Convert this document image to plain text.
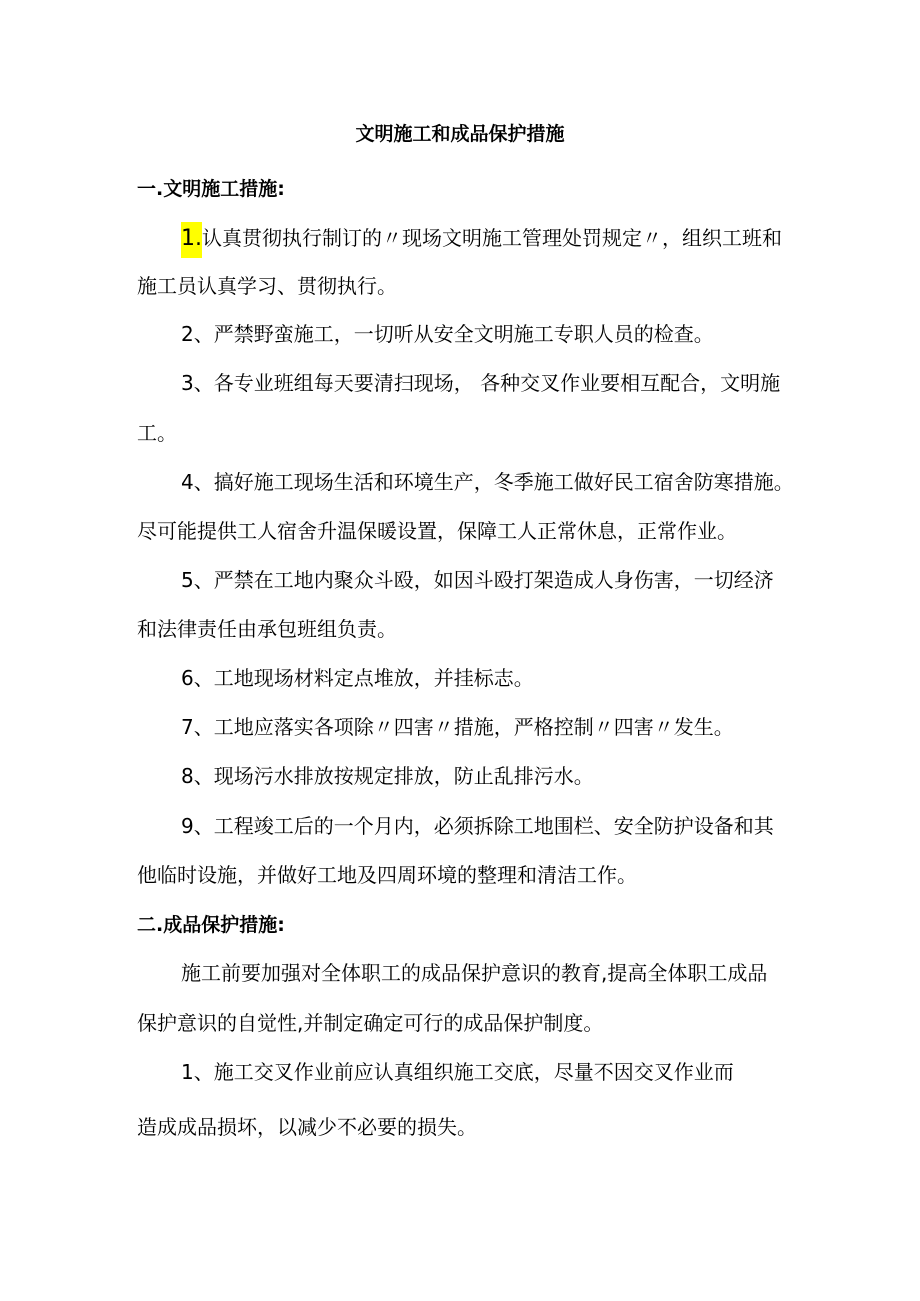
文明施工和成品保护措施
一.文明施工措施:
1.认真贯彻执行制订的〃现场文明施工管理处罚规定〃，组织工班和
施工员认真学习、贯彻执行。
2、严禁野蛮施工，一切听从安全文明施工专职人员的检查。
3、各专业班组每天要清扫现场， 各种交叉作业要相互配合，文明施
工。
4、搞好施工现场生活和环境生产，冬季施工做好民工宿舍防寒措施。
尽可能提供工人宿舍升温保暖设置，保障工人正常休息，正常作业。
5、严禁在工地内聚众斗殴，如因斗殴打架造成人身伤害，一切经济
和法律责任由承包班组负责。
6、工地现场材料定点堆放，并挂标志。
7、工地应落实各项除〃四害〃措施，严格控制〃四害〃发生。
8、现场污水排放按规定排放，防止乱排污水。
9、工程竣工后的一个月内，必须拆除工地围栏、安全防护设备和其
他临时设施，并做好工地及四周环境的整理和清洁工作。
二.成品保护措施:
施工前要加强对全体职工的成品保护意识的教育,提高全体职工成品
保护意识的自觉性,并制定确定可行的成品保护制度。
1、施工交叉作业前应认真组织施工交底，尽量不因交叉作业而
造成成品损坏，以减少不必要的损失。
